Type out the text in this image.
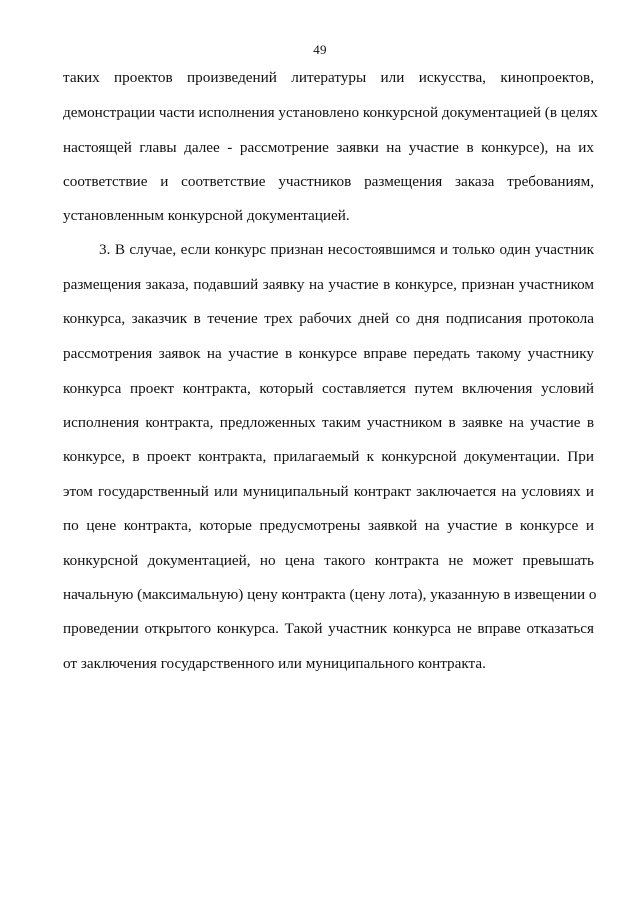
49
таких проектов произведений литературы или искусства, кинопроектов,
демонстрации части исполнения установлено конкурсной документацией (в целях
настоящей главы далее - рассмотрение заявки на участие в конкурсе), на их
соответствие и соответствие участников размещения заказа требованиям,
установленным конкурсной документацией.
3. В случае, если конкурс признан несостоявшимся и только один участник
размещения заказа, подавший заявку на участие в конкурсе, признан участником
конкурса, заказчик в течение трех рабочих дней со дня подписания протокола
рассмотрения заявок на участие в конкурсе вправе передать такому участнику
конкурса проект контракта, который составляется путем включения условий
исполнения контракта, предложенных таким участником в заявке на участие в
конкурсе, в проект контракта, прилагаемый к конкурсной документации. При
этом государственный или муниципальный контракт заключается на условиях и
по цене контракта, которые предусмотрены заявкой на участие в конкурсе и
конкурсной документацией, но цена такого контракта не может превышать
начальную (максимальную) цену контракта (цену лота), указанную в извещении о
проведении открытого конкурса. Такой участник конкурса не вправе отказаться
от заключения государственного или муниципального контракта.
